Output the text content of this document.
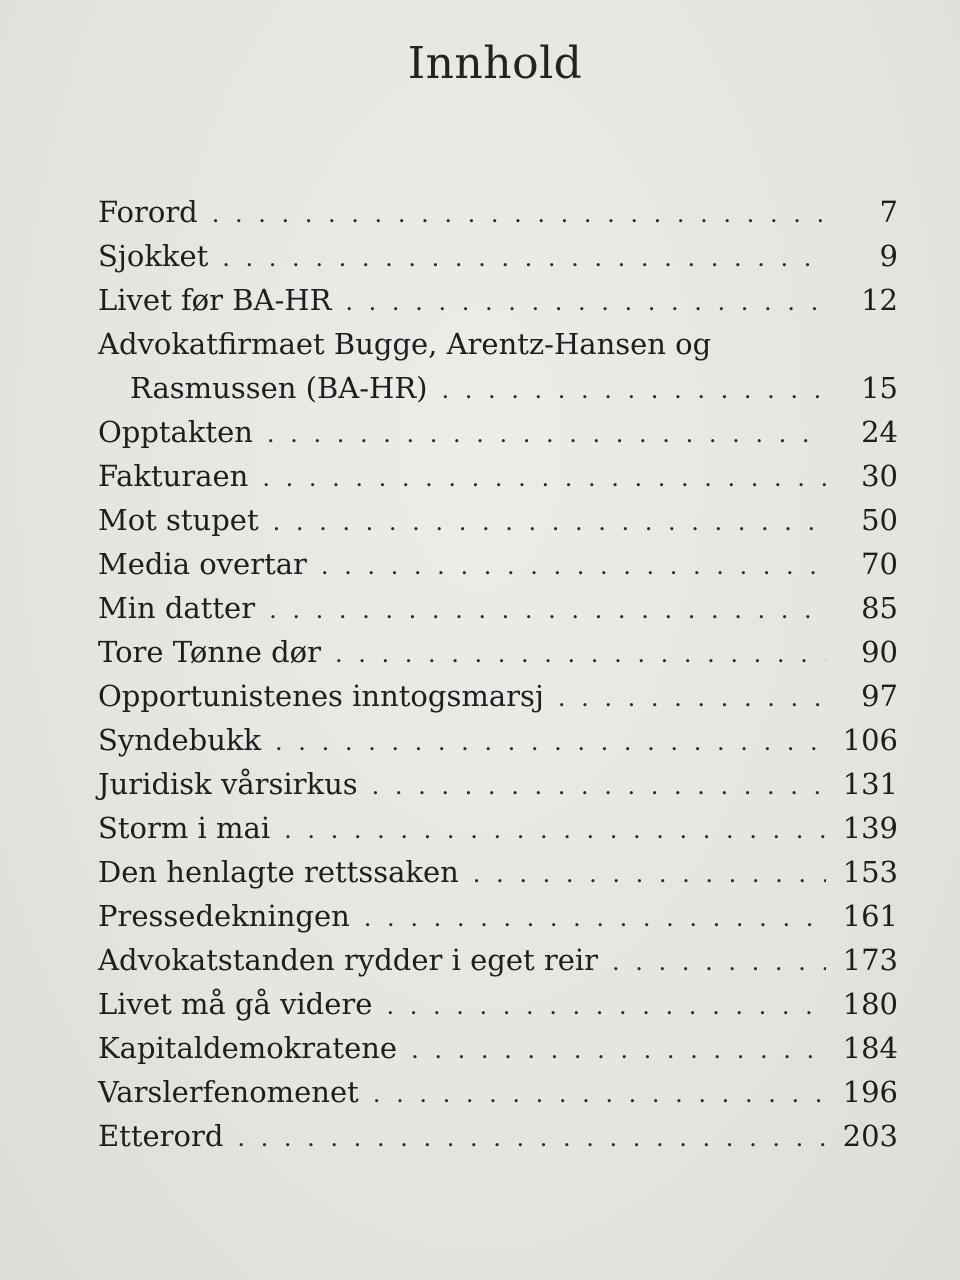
Innhold
Forord . . .	7
Sjokket . . .	9
Livet før BA-HR . . .	12
Advokatfirmaet Bugge, Arentz-Hansen og
Rasmussen (BA-HR) . . .	15
Opptakten . . .	24
Fakturaen . . .	30
Mot stupet . . .	50
Media overtar . . .	70
Min datter . . .	85
Tore Tønne dør . . .	90
Opportunistenes inntogsmarsj . . .	97
Syndebukk . . .	106
Juridisk vårsirkus . . .	131
Storm i mai . . .	139
Den henlagte rettssaken . . .	153
Pressedekningen . . .	161
Advokatstanden rydder i eget reir . . .	173
Livet må gå videre . . .	180
Kapitaldemokratene . . .	184
Varslerfenomenet . . .	196
Etterord . . .	203
